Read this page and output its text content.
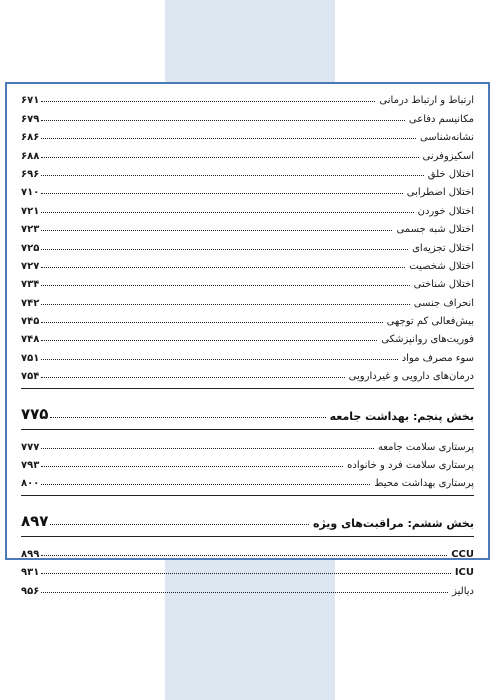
ارتباط و ارتباط درمانی
۶۷۱
مکانیسم دفاعی
۶۷۹
نشانه‌شناسی
۶۸۶
اسکیزوفرنی
۶۸۸
اختلال خلق
۶۹۶
اختلال اضطرابی
۷۱۰
اختلال خوردن
۷۲۱
اختلال شبه جسمی
۷۲۳
اختلال تجزیه‌ای
۷۲۵
اختلال شخصیت
۷۲۷
اختلال شناختی
۷۳۴
انحراف جنسی
۷۴۲
بیش‌فعالی کم توجهی
۷۴۵
فوریت‌های روانپزشکی
۷۴۸
سوء مصرف مواد
۷۵۱
درمان‌های دارویی و غیردارویی
۷۵۴
بخش پنجم: بهداشت جامعه
۷۷۵
پرستاری سلامت جامعه
۷۷۷
پرستاری سلامت فرد و خانواده
۷۹۳
پرستاری بهداشت محیط
۸۰۰
بخش ششم: مراقبت‌های ویژه
۸۹۷
CCU
۸۹۹
ICU
۹۳۱
دیالیز
۹۵۶
